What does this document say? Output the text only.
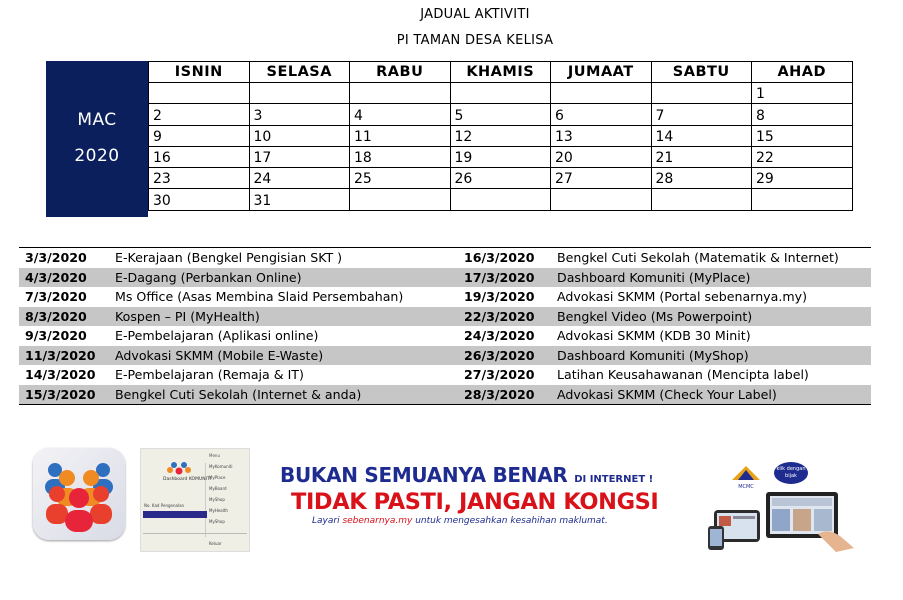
JADUAL AKTIVITI
PI TAMAN DESA KELISA
MAC
2020
ISNIN	SELASA	RABU	KHAMIS	JUMAAT	SABTU	AHAD
						1
2	3	4	5	6	7	8
9	10	11	12	13	14	15
16	17	18	19	20	21	22
23	24	25	26	27	28	29
30	31					
3/3/2020	E-Kerajaan (Bengkel Pengisian SKT )	16/3/2020	Bengkel Cuti Sekolah (Matematik & Internet)
4/3/2020	E-Dagang (Perbankan Online)	17/3/2020	Dashboard Komuniti (MyPlace)
7/3/2020	Ms Office (Asas Membina Slaid Persembahan)	19/3/2020	Advokasi SKMM (Portal sebenarnya.my)
8/3/2020	Kospen – PI (MyHealth)	22/3/2020	Bengkel Video (Ms Powerpoint)
9/3/2020	E-Pembelajaran (Aplikasi online)	24/3/2020	Advokasi SKMM (KDB 30 Minit)
11/3/2020	Advokasi SKMM (Mobile E-Waste)	26/3/2020	Dashboard Komuniti (MyShop)
14/3/2020	E-Pembelajaran (Remaja & IT)	27/3/2020	Latihan Keusahawanan (Mencipta label)
15/3/2020	Bengkel Cuti Sekolah (Internet & anda)	28/3/2020	Advokasi SKMM (Check Your Label)
Dashboard KOMUNITI
Menu
MyKomuniti
MyPlace
MyBoard
MyShop
MyHealth
MyShop
No. Kad Pengenalan
Keluar
BUKAN SEMUANYA BENAR DI INTERNET !
TIDAK PASTI, JANGAN KONGSI
Layari sebenarnya.my untuk mengesahkan kesahihan maklumat.
MCMC
klik dengan bijak
